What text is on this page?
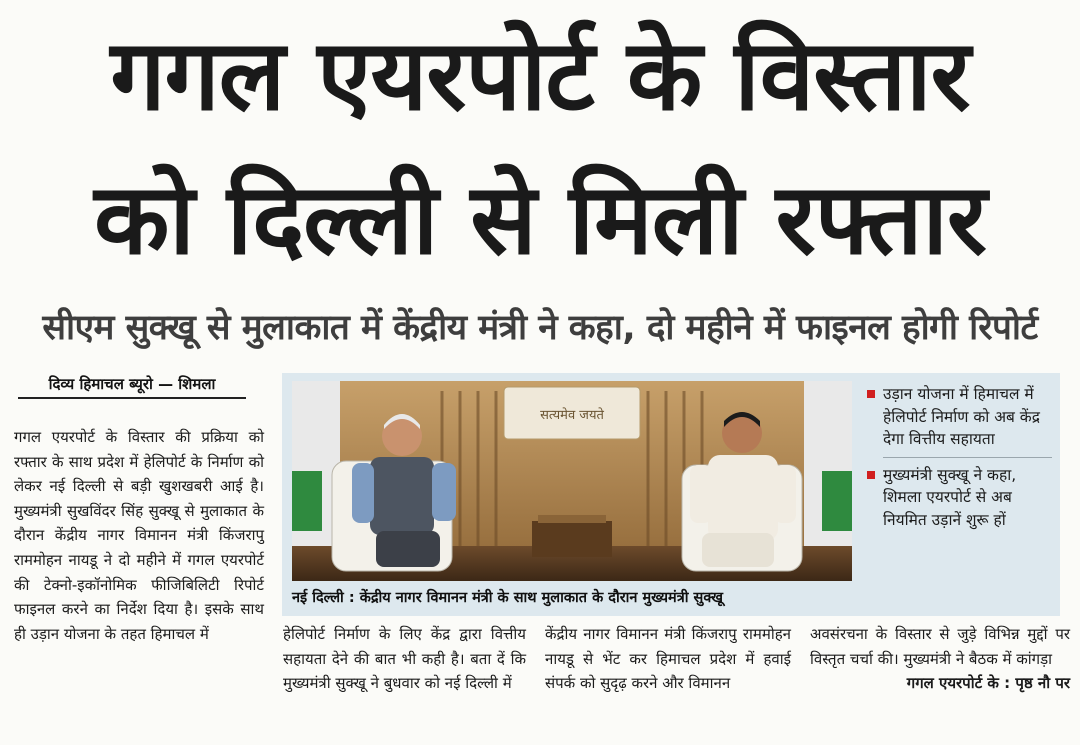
गगल एयरपोर्ट के विस्तार
को दिल्ली से मिली रफ्तार
सीएम सुक्खू से मुलाकात में केंद्रीय मंत्री ने कहा, दो महीने में फाइनल होगी रिपोर्ट
दिव्य हिमाचल ब्यूरो — शिमला

गगल एयरपोर्ट के विस्तार की प्रक्रिया को रफ्तार के साथ प्रदेश में हेलिपोर्ट के निर्माण को लेकर नई दिल्ली से बड़ी खुशखबरी आई है। मुख्यमंत्री सुखविंदर सिंह सुक्खू से मुलाकात के दौरान केंद्रीय नागर विमानन मंत्री किंजरापु राममोहन नायडू ने दो महीने में गगल एयरपोर्ट की टेक्नो-इकॉनोमिक फीजिबिलिटी रिपोर्ट फाइनल करने का निर्देश दिया है। इसके साथ ही उड़ान योजना के तहत हिमाचल में

सत्यमेव जयते
नई दिल्ली : केंद्रीय नागर विमानन मंत्री के साथ मुलाकात के दौरान मुख्यमंत्री सुक्खू
उड़ान योजना में हिमाचल में हेलिपोर्ट निर्माण को अब केंद्र देगा वित्तीय सहायता
मुख्यमंत्री सुक्खू ने कहा, शिमला एयरपोर्ट से अब नियमित उड़ानें शुरू हों

हेलिपोर्ट निर्माण के लिए केंद्र द्वारा वित्तीय सहायता देने की बात भी कही है। बता दें कि मुख्यमंत्री सुक्खू ने बुधवार को नई दिल्ली में

केंद्रीय नागर विमानन मंत्री किंजरापु राममोहन नायडू से भेंट कर हिमाचल प्रदेश में हवाई संपर्क को सुदृढ़ करने और विमानन

अवसंरचना के विस्तार से जुड़े विभिन्न मुद्दों पर विस्तृत चर्चा की। मुख्यमंत्री ने बैठक में कांगड़ा

गगल एयरपोर्ट के : पृष्ठ नौ पर
